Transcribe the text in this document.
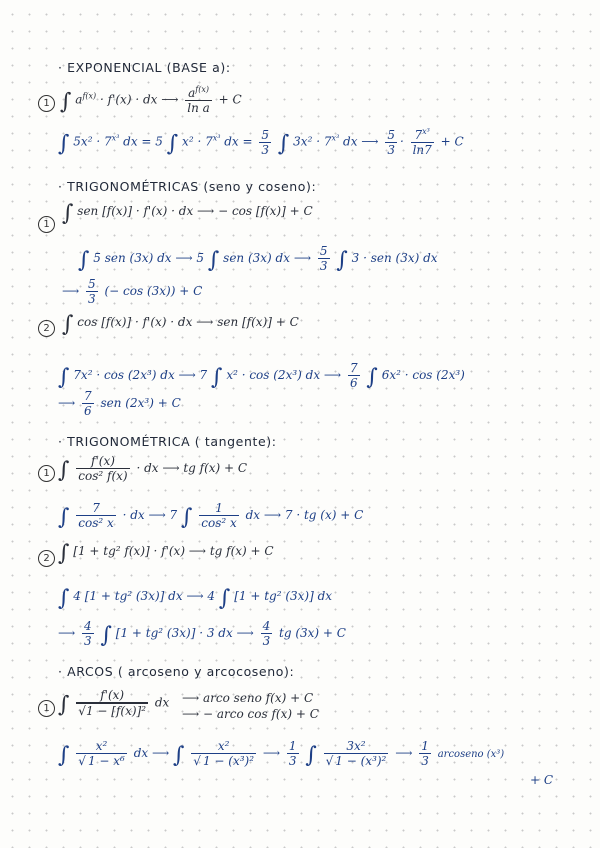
· EXPONENCIAL (BASE a):
1 ∫ $a^{f(x)} \cdot f'(x)$ · dx ⟶ $\frac{a^{f(x)}}{\text{ln a}} + C$
∫ $5x^2 \cdot 7^{x^3}$ dx = 5 ∫ $x^2 \cdot 7^{x^3}$ dx = $\frac{5}{3}$ ∫ $3x^2 \cdot 7^{x^3}$ dx ⟶ $\frac{5}{3} \cdot \frac{7^{x^3}}{\ln 7} + C$
· TRIGONOMÉTRICAS (seno y coseno):
1 ∫ sen [f(x)] · f'(x) · dx ⟶ − cos [f(x)] + C
∫ 5 sen (3x) dx ⟶ 5 ∫ sen (3x) dx ⟶ $\frac{5}{3}$ ∫ 3 · sen (3x) dx
⟶ $\frac{5}{3}$ (− cos (3x)) + C
2 ∫ cos [f(x)] · f'(x) · dx ⟶ sen [f(x)] + C
∫ 7x² · cos (2x³) dx ⟶ 7 ∫ x² · cos (2x³) dx ⟶ $\frac{7}{6}$ ∫ 6x² · cos (2x³)
⟶ $\frac{7}{6}$ sen (2x³) + C
· TRIGONOMÉTRICA ( tangente):
1 ∫ $\frac{f'(x)}{\text{cos² f(x)}}$ · dx ⟶ tg f(x) + C
∫ $\frac{7}{\text{cos² x}}$ · dx ⟶ 7 ∫ $\frac{1}{\text{cos² x}}$ dx ⟶ 7 · tg (x) + C
2 ∫ [1 + tg² f(x)] · f'(x) ⟶ tg f(x) + C
∫ 4 [1 + tg² (3x)] dx ⟶ 4 ∫ [1 + tg² (3x)] dx
⟶ $\frac{4}{3}$ ∫ [1 + tg² (3x)] · 3 dx ⟶ $\frac{4}{3}$ tg (3x) + C
· ARCOS ( arcoseno y arcocoseno):
1 ∫ $\frac{f'(x)}{\text{√1 − [f(x)]²}}$ dx ⟶ arco seno f(x) + C
⟶ − arco cos f(x) + C
∫ $\frac{\text{x²}}{\text{√ 1 − x⁶}}$ dx ⟶ ∫ $\frac{\text{x²}}{\text{√ 1 − (x³)²}}$ ⟶ $\frac{1}{3}$ ∫ $\frac{\text{3x²}}{\text{√ 1 − (x³)²}}$ ⟶ $\frac{1}{3}$ arcoseno (x³)
+ C
